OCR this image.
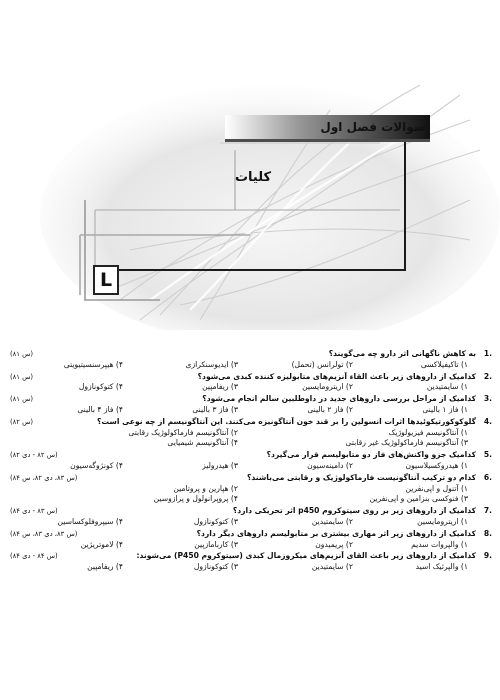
سوالات فصل اول
کلیات
L
.1
به کاهش ناگهانی اثر دارو چه می‌گویند؟
(س ۸۱)
۱) تاکیفیلاکسی
۲) تولرانس (تحمل)
۳) ایدیوسنکرازی
۴) هیپرسنسیتیویتی
.2
کدامیک از داروهای زیر باعث القاء آنزیم‌های متابولیزه کننده کبدی می‌شود؟
(س ۸۱)
۱) سایمتیدین
۲) اریترومایسین
۳) ریفامپین
۴) کتوکونازول
.3
کدامیک از مراحل بررسی داروهای جدید در داوطلبین سالم انجام می‌شود؟
(س ۸۱)
۱) فاز ۱ بالینی
۲) فاز ۲ بالینی
۳) فاز ۳ بالینی
۴) فاز ۴ بالینی
.4
گلوکوکورتیکوئیدها اثرات انسولین را بر قند خون آنتاگونیزه می‌کنند. این آنتاگونیسم از چه نوعی است؟
(س ۸۲)
۱) آنتاگونیسم فیزیولوژیک
۲) آنتاگونیسم فارماکولوژیک رقابتی
۳) آنتاگونیسم فارماکولوژیک غیر رقابتی
۴) آنتاگونیسم شیمیایی
.5
کدامیک جزو واکنش‌های فاز دو متابولیسم قرار می‌گیرد؟
(س ۸۲ - دی ۸۲)
۱) هیدروکسیلاسیون
۲) دامینه‌سیون
۳) هیدرولیز
۴) کونژوگه‌سیون
.6
کدام دو ترکیب آنتاگونیست فارماکولوژیک و رقابتی می‌باشند؟
(س ۸۳، دی ۸۲، س ۸۴)
۱) آتنول و اپی‌نفرین
۲) هپارین و پروتامین
۳) فنوکسی بنزامین و اپی‌نفرین
۴) پروپرانولول و پرازوسین
.7
کدامیک از داروهای زیر بر روی سیتوکروم p450 اثر تحریکی دارد؟
(س ۸۳ - دی ۸۴)
۱) اریترومایسین
۲) سایمتیدین
۳) کتوکونازول
۴) سیپروفلوکساسین
.8
کدامیک از داروهای زیر اثر مهاری بیشتری بر متابولیسم داروهای دیگر دارد؟
(س ۸۳، دی ۸۳، س ۸۴)
۱) والپروات سدیم
۲) پریمیدون
۳) کاربامازپین
۴) لاموتریژین
.9
کدامیک از داروهای زیر باعث القای آنزیم‌های میکروزمال کبدی (سیتوکروم P450) می‌شوند:
(س ۸۴ - دی ۸۴)
۱) والپرئیک اسید
۲) سایمتیدین
۳) کتوکونازول
۴) ریفامپین
